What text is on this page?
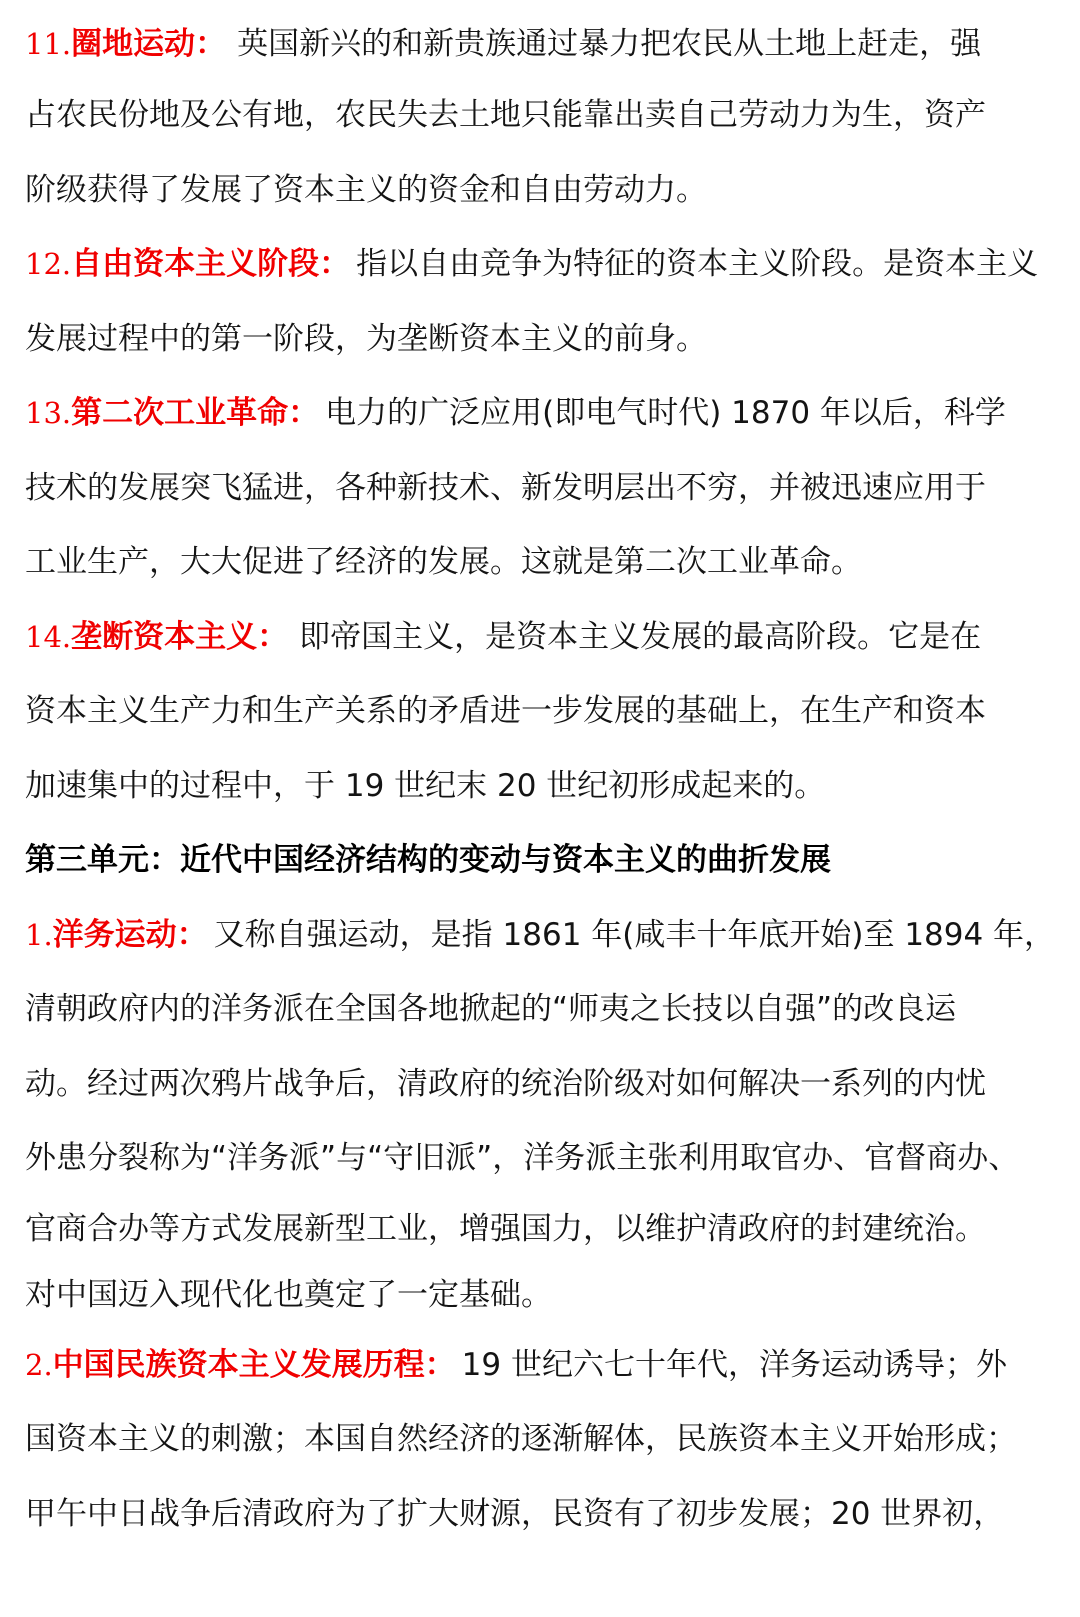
11.圈地运动： 英国新兴的和新贵族通过暴力把农民从土地上赶走，强
占农民份地及公有地，农民失去土地只能靠出卖自己劳动力为生，资产
阶级获得了发展了资本主义的资金和自由劳动力。
12.自由资本主义阶段： 指以自由竞争为特征的资本主义阶段。是资本主义
发展过程中的第一阶段，为垄断资本主义的前身。
13.第二次工业革命： 电力的广泛应用(即电气时代) 1870 年以后，科学
技术的发展突飞猛进，各种新技术、新发明层出不穷，并被迅速应用于
工业生产，大大促进了经济的发展。这就是第二次工业革命。
14.垄断资本主义： 即帝国主义，是资本主义发展的最高阶段。它是在
资本主义生产力和生产关系的矛盾进一步发展的基础上，在生产和资本
加速集中的过程中，于 19 世纪末 20 世纪初形成起来的。
第三单元：近代中国经济结构的变动与资本主义的曲折发展
1.洋务运动： 又称自强运动，是指 1861 年(咸丰十年底开始)至 1894 年，
清朝政府内的洋务派在全国各地掀起的“师夷之长技以自强”的改良运
动。经过两次鸦片战争后，清政府的统治阶级对如何解决一系列的内忧
外患分裂称为“洋务派”与“守旧派”，洋务派主张利用取官办、官督商办、
官商合办等方式发展新型工业，增强国力，以维护清政府的封建统治。
对中国迈入现代化也奠定了一定基础。
2.中国民族资本主义发展历程： 19 世纪六七十年代，洋务运动诱导；外
国资本主义的刺激；本国自然经济的逐渐解体，民族资本主义开始形成；
甲午中日战争后清政府为了扩大财源，民资有了初步发展；20 世界初，
